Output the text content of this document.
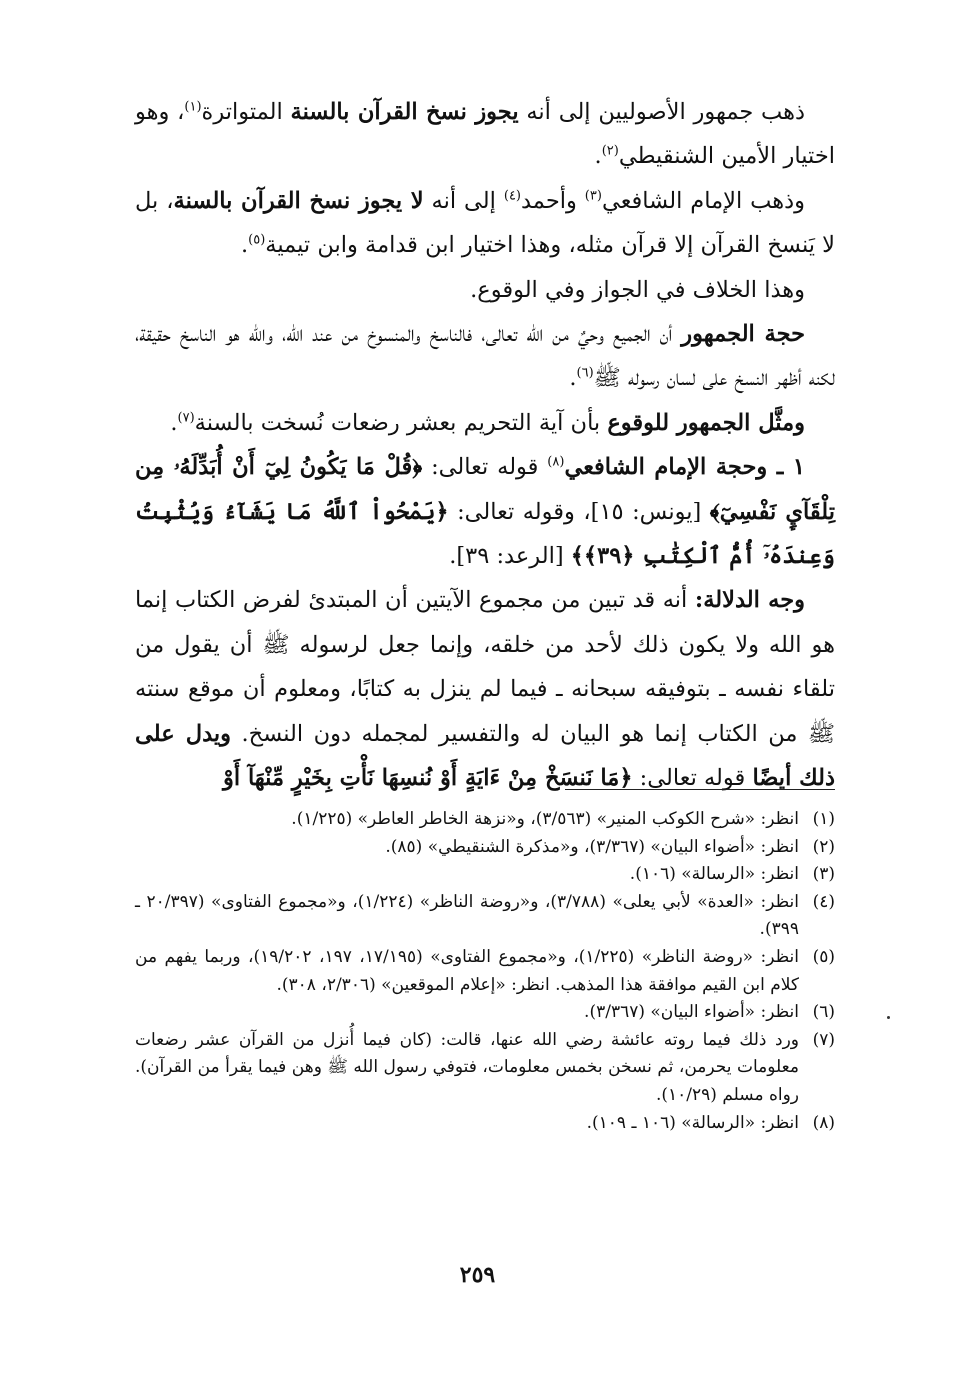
ذهب جمهور الأصوليين إلى أنه يجوز نسخ القرآن بالسنة المتواترة$^{(١)}$، وهو اختيار الأمين الشنقيطي$^{(٢)}$.

وذهب الإمام الشافعي$^{(٣)}$ وأحمد$^{(٤)}$ إلى أنه لا يجوز نسخ القرآن بالسنة، بل لا يَنسخ القرآن إلا قرآن مثله، وهذا اختيار ابن قدامة وابن تيمية$^{(٥)}$.

وهذا الخلاف في الجواز وفي الوقوع.

حجة الجمهور أن الجميع وحيٌ من الله تعالى، فالناسخ والمنسوخ من عند الله، والله هو الناسخ حقيقة، لكنه أظهر النسخ على لسان رسوله ﷺ$^{(٦)}$.

ومثَّل الجمهور للوقوع بأن آية التحريم بعشر رضعات نُسخت بالسنة$^{(٧)}$.

١ ـ وحجة الإمام الشافعي$^{(٨)}$ قوله تعالى: ﴿قُلْ مَا يَكُونُ لِيٓ أَنْ أُبَدِّلَهُۥ مِن تِلْقَآيِٕ نَفْسِيٓ﴾ [يونس: ١٥]، وقوله تعالى: ﴿يَمْحُواْ ٱللَّهُ مَا يَشَآءُ وَيُثْبِتُ وَعِندَهُۥٓ أُمُّ ٱلْكِتَٰبِ ﴿٣٩﴾﴾ [الرعد: ٣٩].

وجه الدلالة: أنه قد تبين من مجموع الآيتين أن المبتدئ لفرض الكتاب إنما هو الله ولا يكون ذلك لأحد من خلقه، وإنما جعل لرسوله ﷺ أن يقول من تلقاء نفسه ـ بتوفيقه سبحانه ـ فيما لم ينزل به كتابًا، ومعلوم أن موقع سنته ﷺ من الكتاب إنما هو البيان له والتفسير لمجمله دون النسخ. ويدل على ذلك أيضًا قوله تعالى: ﴿مَا نَنسَخْ مِنْ ءَايَةٍ أَوْ نُنسِهَا نَأْتِ بِخَيْرٍ مِّنْهَآ أَوْ

(١)
انظر: «شرح الكوكب المنير» (٣/٥٦٣)، و«نزهة الخاطر العاطر» (١/٢٢٥).
(٢)
انظر: «أضواء البيان» (٣/٣٦٧)، و«مذكرة الشنقيطي» (٨٥).
(٣)
انظر: «الرسالة» (١٠٦).
(٤)
انظر: «العدة» لأبي يعلى» (٣/٧٨٨)، و«روضة الناظر» (١/٢٢٤)، و«مجموع الفتاوى» (٢٠/٣٩٧ ـ ٣٩٩).
(٥)
انظر: «روضة الناظر» (١/٢٢٥)، و«مجموع الفتاوى» (١٧/١٩٥، ١٩٧، ١٩/٢٠٢)، وربما يفهم من كلام ابن القيم موافقة هذا المذهب. انظر: «إعلام الموقعين» (٢/٣٠٦، ٣٠٨).
(٦)
انظر: «أضواء البيان» (٣/٣٦٧).
(٧)
ورد ذلك فيما روته عائشة رضي الله عنها، قالت: (كان فيما أُنزل من القرآن عشر رضعات معلومات يحرمن، ثم نسخن بخمس معلومات، فتوفي رسول الله ﷺ وهن فيما يقرأ من القرآن). رواه مسلم (١٠/٢٩).
(٨)
انظر: «الرسالة» (١٠٦ ـ ١٠٩).
٢٥٩
